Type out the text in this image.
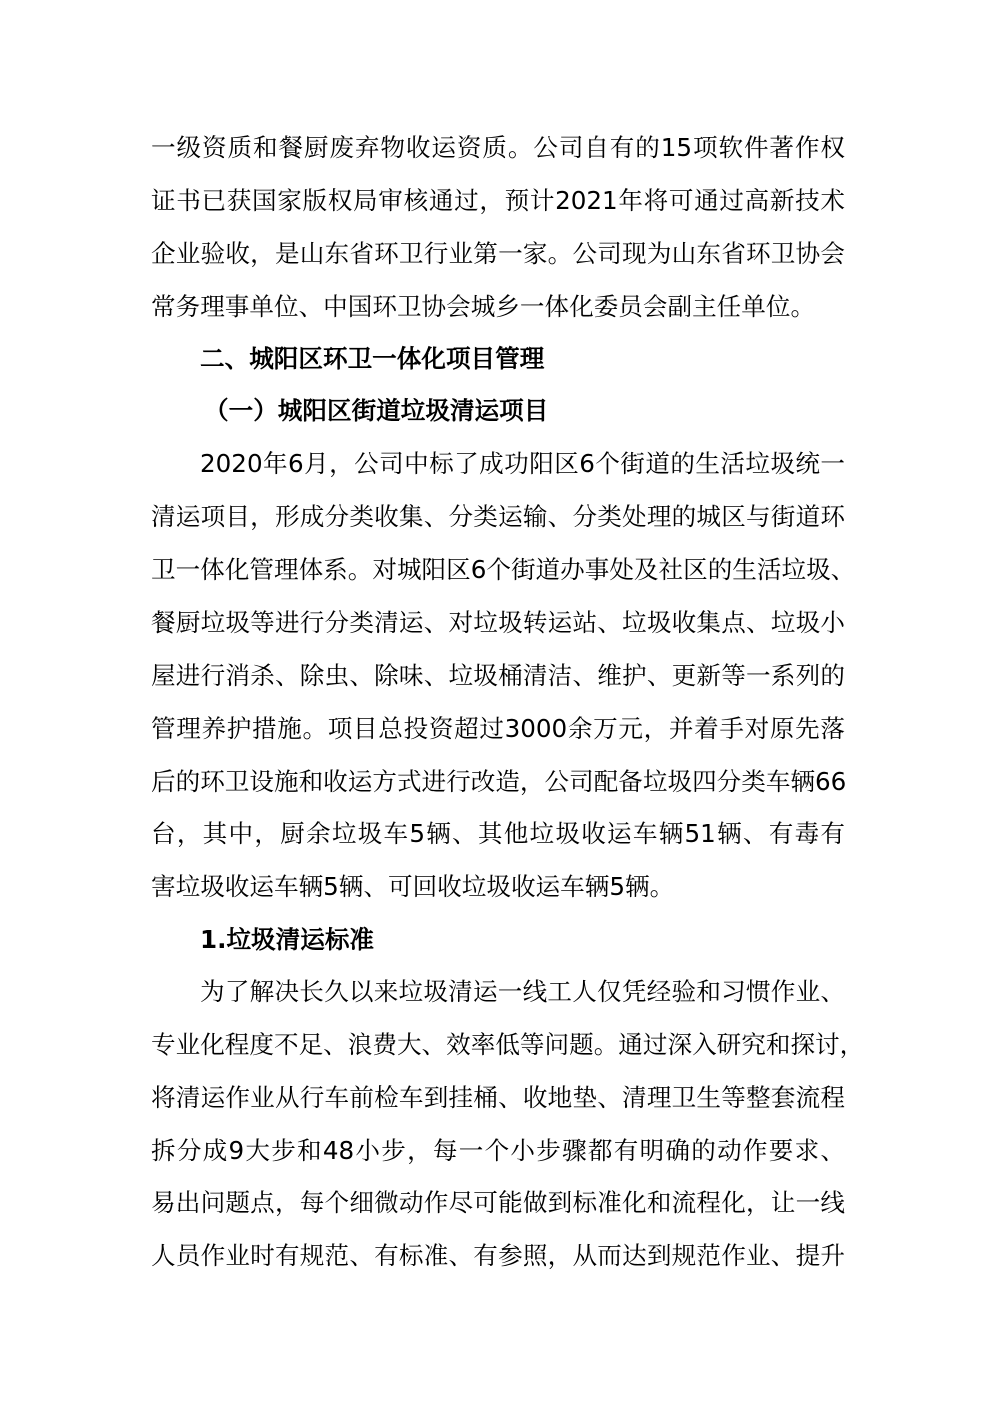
一级资质和餐厨废弃物收运资质。公司自有的15项软件著作权
证书已获国家版权局审核通过，预计2021年将可通过高新技术
企业验收，是山东省环卫行业第一家。公司现为山东省环卫协会
常务理事单位、中国环卫协会城乡一体化委员会副主任单位。
二、城阳区环卫一体化项目管理
（一）城阳区街道垃圾清运项目
2020年6月，公司中标了成功阳区6个街道的生活垃圾统一
清运项目，形成分类收集、分类运输、分类处理的城区与街道环
卫一体化管理体系。对城阳区6个街道办事处及社区的生活垃圾、
餐厨垃圾等进行分类清运、对垃圾转运站、垃圾收集点、垃圾小
屋进行消杀、除虫、除味、垃圾桶清洁、维护、更新等一系列的
管理养护措施。项目总投资超过3000余万元，并着手对原先落
后的环卫设施和收运方式进行改造，公司配备垃圾四分类车辆66
台，其中，厨余垃圾车5辆、其他垃圾收运车辆51辆、有毒有
害垃圾收运车辆5辆、可回收垃圾收运车辆5辆。
1.垃圾清运标准
为了解决长久以来垃圾清运一线工人仅凭经验和习惯作业、
专业化程度不足、浪费大、效率低等问题。通过深入研究和探讨，
将清运作业从行车前检车到挂桶、收地垫、清理卫生等整套流程
拆分成9大步和48小步，每一个小步骤都有明确的动作要求、
易出问题点，每个细微动作尽可能做到标准化和流程化，让一线
人员作业时有规范、有标准、有参照，从而达到规范作业、提升
